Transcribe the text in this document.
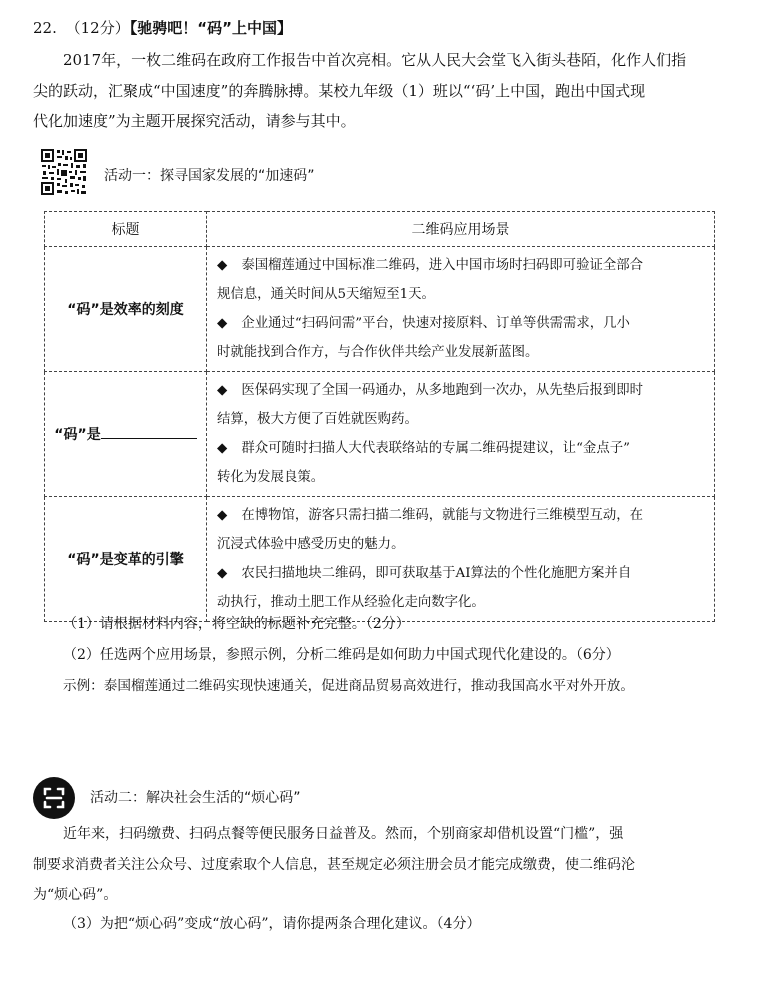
22. （12分）【驰骋吧！“码”上中国】
2017年，一枚二维码在政府工作报告中首次亮相。它从人民大会堂飞入街头巷陌，化作人们指
尖的跃动，汇聚成“中国速度”的奔腾脉搏。某校九年级（1）班以“‘码’上中国，跑出中国式现
代化加速度”为主题开展探究活动，请参与其中。
活动一：探寻国家发展的“加速码”
标题	二维码应用场景
“码”是效率的刻度	◆ 泰国榴莲通过中国标准二维码，进入中国市场时扫码即可验证全部合

规信息，通关时间从5天缩短至1天。

◆ 企业通过“扫码问需”平台，快速对接原料、订单等供需需求，几小

时就能找到合作方，与合作伙伴共绘产业发展新蓝图。

“码”是	◆ 医保码实现了全国一码通办，从多地跑到一次办，从先垫后报到即时

结算，极大方便了百姓就医购药。

◆ 群众可随时扫描人大代表联络站的专属二维码提建议，让“金点子”

转化为发展良策。

“码”是变革的引擎	◆ 在博物馆，游客只需扫描二维码，就能与文物进行三维模型互动，在

沉浸式体验中感受历史的魅力。

◆ 农民扫描地块二维码，即可获取基于AI算法的个性化施肥方案并自

动执行，推动土肥工作从经验化走向数字化。

（1）请根据材料内容，将空缺的标题补充完整。（2分）
（2）任选两个应用场景，参照示例，分析二维码是如何助力中国式现代化建设的。（6分）
示例：泰国榴莲通过二维码实现快速通关，促进商品贸易高效进行，推动我国高水平对外开放。
活动二：解决社会生活的“烦心码”
近年来，扫码缴费、扫码点餐等便民服务日益普及。然而，个别商家却借机设置“门槛”，强
制要求消费者关注公众号、过度索取个人信息，甚至规定必须注册会员才能完成缴费，使二维码沦
为“烦心码”。
（3）为把“烦心码”变成“放心码”，请你提两条合理化建议。（4分）
